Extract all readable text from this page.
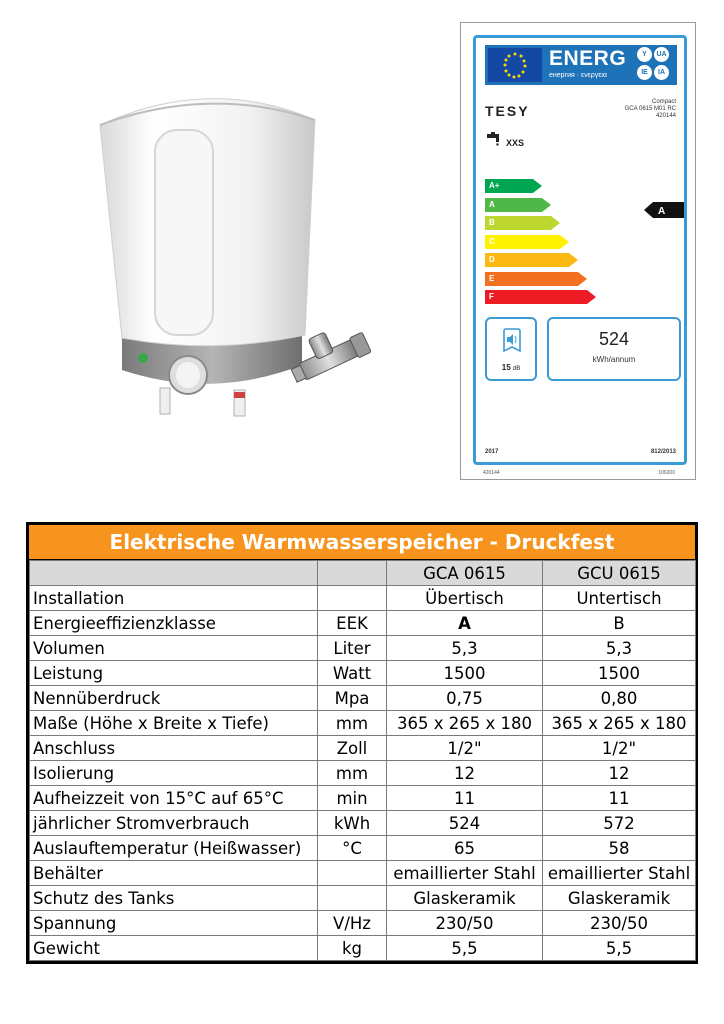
ENERG
енергия · ενεργεια
Y	UA
IE	IA
TESY
Compact
GCA 0615 M01 RC
420144
XXS
A+
A
B
C
D
E
F
A
15 dB
524
kWh/annum
2017	812/2013
420144	106300
Elektrische Warmwasserspeicher - Druckfest
		GCA 0615	GCU 0615
Installation		Übertisch	Untertisch
Energieeffizienzklasse	EEK	A	B
Volumen	Liter	5,3	5,3
Leistung	Watt	1500	1500
Nennüberdruck	Mpa	0,75	0,80
Maße (Höhe x Breite x Tiefe)	mm	365 x 265 x 180	365 x 265 x 180
Anschluss	Zoll	1/2"	1/2"
Isolierung	mm	12	12
Aufheizzeit von 15°C auf 65°C	min	11	11
jährlicher Stromverbrauch	kWh	524	572
Auslauftemperatur (Heißwasser)	°C	65	58
Behälter		emaillierter Stahl	emaillierter Stahl
Schutz des Tanks		Glaskeramik	Glaskeramik
Spannung	V/Hz	230/50	230/50
Gewicht	kg	5,5	5,5
